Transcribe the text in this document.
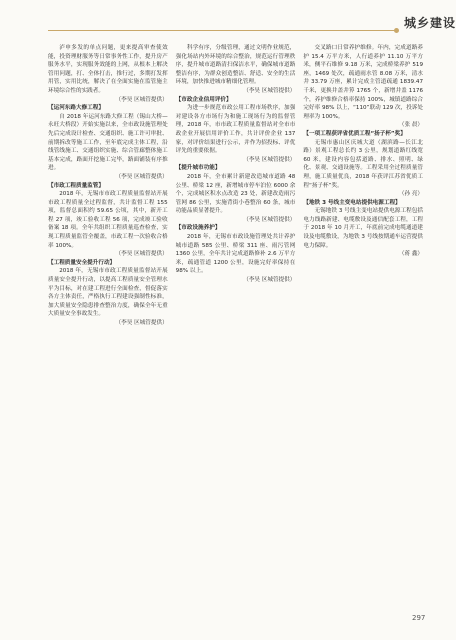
城乡建设

泸申多发的单点问题，更来提高审查使效能，投资理财服务等日常事务性工作，提升房产服务水平，实现服务效能的上网，从根本上解决管用问题，打、全体打击，推行过，多期打发挥用管，实用比统，解决了在全面实施在监管施主环境综合性的实践者。

（李昊 区城管提供）

【运河东路大修工程】

自 2018 年运河东路大修工程（锡山大桥—永旺大桥段）开始实施以来，全市政设施管理处先后完成设计检查、交通组织、施工许可审批、前期拆改等施工工作，至年底完成主体工程，沿线管线施工、交通组织实施、综合管廊整体施工基本完成，路面开挖施工完毕，路面铺装有序推进。

（李昊 区城管提供）

【市政工程质量监管】

2018 年，无锡市市政工程质量监督站开展市政工程质量全过程监督，共计监督工程 155 项，监督总面积约 59.65 公顷，其中，新开工程 27 项，竣工验收工程 56 项，完成竣工验收备案 18 项。全年共组织工程质量巡查检查，实现工程质量监管全覆盖，市政工程一次验收合格率 100%。

（李昊 区城管提供）

【工程质量安全提升行动】

2018 年，无锡市市政工程质量监督站开展质量安全提升行动，以提高工程质量安全管理水平为目标，对在建工程进行全面检查，督促落实各方主体责任，严格执行工程建设强制性标准，加大质量安全隐患排查整治力度，确保全年无重大质量安全事故发生。

（李昊 区城管提供）

科学有序，分级管理，通过文明作业规范，强化场站内外环境的综合整治，规范运行管理秩序，提升城市道路清扫保洁水平，确保城市道路整洁有序，为群众创造整洁、舒适、安全的生活环境，加快推进城市精细化管理。

（李昊 区城管提供）

【市政企业信用评价】

为进一步规范市政公用工程市场秩序，加强对建设各方市场行为和施工现场行为的监督管理，2018 年，市市政工程质量监督站对全市市政企业开展信用评价工作，共计评价企业 137 家，对评价结果进行公示，并作为招投标、评优评先的重要依据。

（李昊 区城管提供）

【提升城市功能】

2018 年，全市累计新建改造城市道路 48 公里、桥梁 12 座，新增城市停车泊位 6000 余个，完成城区积水点改造 23 处，新建改造雨污管网 86 公里，实施背街小巷整治 60 条，城市功能品质显著提升。

（李昊 区城管提供）

【市政设施养护】

2018 年，无锡市市政设施管理处共计养护城市道路 585 公里、桥梁 311 座、雨污管网 1360 公里，全年共计完成道路修补 2.6 万平方米，疏通管道 1200 公里，设施完好率保持在 98% 以上。

（李昊 区城管提供）

交叉路口日常养护维修。年内，完成道路养护 15.4 万平方米，人行道养护 11.10 万平方米，侧平石维修 9.18 万米，完成桥梁养护 519 座，1469 处次，疏通雨水管 8.08 万米，清水井 33.79 万座，累计完成主管道疏通 1839.47 千米，更换井盖井箅 1765 个，新增井盖 1176 个，养护维修合格率保持 100%，城镇道路综合完好率 98% 以上，“110”联动 129 次，投诉处理率为 100%。

（张 晨）

【一项工程获评省优质工程“扬子杯”奖】

无锡市惠山区庆城大道（湖滨路—长江北路）景观工程总长约 3 公里，规划道路红线宽 60 米，建设内容包括道路、排水、照明、绿化、景观、交通设施等。工程采用全过程质量管理，施工质量优良，2018 年获评江苏省优质工程“扬子杯”奖。

（孙 亮）

【地铁 3 号线主变电站提供电源工程】

无锡地铁 3 号线主变电站提供电源工程包括电力线路新建、电缆敷设及通信配套工程，工程于 2018 年 10 月开工，年底前完成电缆通道建设及电缆敷设，为地铁 3 号线按期通车运营提供电力保障。

（蒋 鑫）

297
